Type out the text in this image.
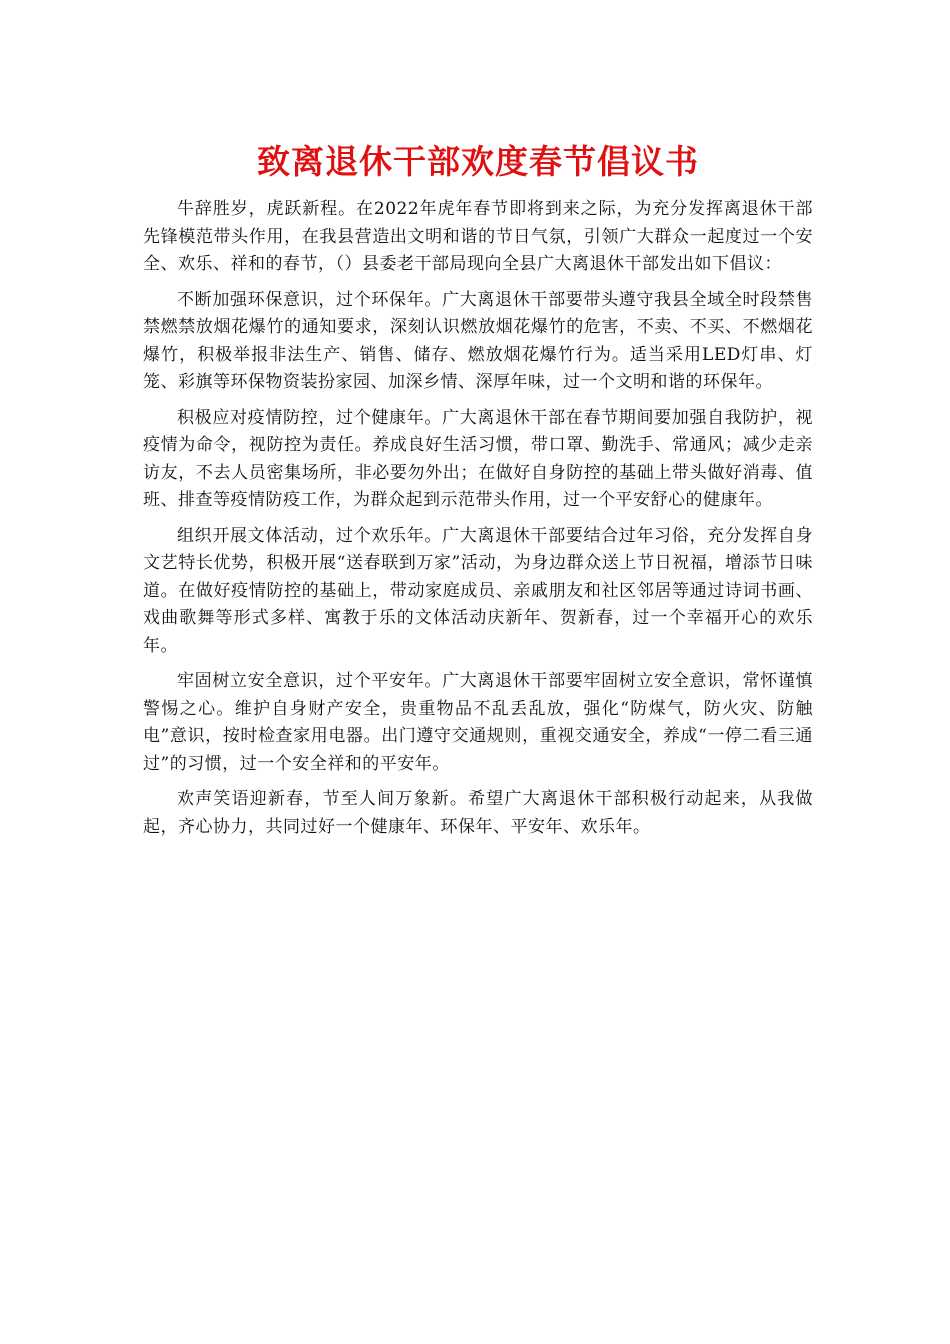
致离退休干部欢度春节倡议书

牛辞胜岁，虎跃新程。在2022年虎年春节即将到来之际，为充分发挥离退休干部先锋模范带头作用，在我县营造出文明和谐的节日气氛，引领广大群众一起度过一个安全、欢乐、祥和的春节，（）县委老干部局现向全县广大离退休干部发出如下倡议：

不断加强环保意识，过个环保年。广大离退休干部要带头遵守我县全域全时段禁售禁燃禁放烟花爆竹的通知要求，深刻认识燃放烟花爆竹的危害，不卖、不买、不燃烟花爆竹，积极举报非法生产、销售、储存、燃放烟花爆竹行为。适当采用LED灯串、灯笼、彩旗等环保物资装扮家园、加深乡情、深厚年味，过一个文明和谐的环保年。

积极应对疫情防控，过个健康年。广大离退休干部在春节期间要加强自我防护，视疫情为命令，视防控为责任。养成良好生活习惯，带口罩、勤洗手、常通风；减少走亲访友，不去人员密集场所，非必要勿外出；在做好自身防控的基础上带头做好消毒、值班、排查等疫情防疫工作，为群众起到示范带头作用，过一个平安舒心的健康年。

组织开展文体活动，过个欢乐年。广大离退休干部要结合过年习俗，充分发挥自身文艺特长优势，积极开展“送春联到万家”活动，为身边群众送上节日祝福，增添节日味道。在做好疫情防控的基础上，带动家庭成员、亲戚朋友和社区邻居等通过诗词书画、戏曲歌舞等形式多样、寓教于乐的文体活动庆新年、贺新春，过一个幸福开心的欢乐年。

牢固树立安全意识，过个平安年。广大离退休干部要牢固树立安全意识，常怀谨慎警惕之心。维护自身财产安全，贵重物品不乱丢乱放，强化“防煤气，防火灾、防触电”意识，按时检查家用电器。出门遵守交通规则，重视交通安全，养成“一停二看三通过”的习惯，过一个安全祥和的平安年。

欢声笑语迎新春，节至人间万象新。希望广大离退休干部积极行动起来，从我做起，齐心协力，共同过好一个健康年、环保年、平安年、欢乐年。
